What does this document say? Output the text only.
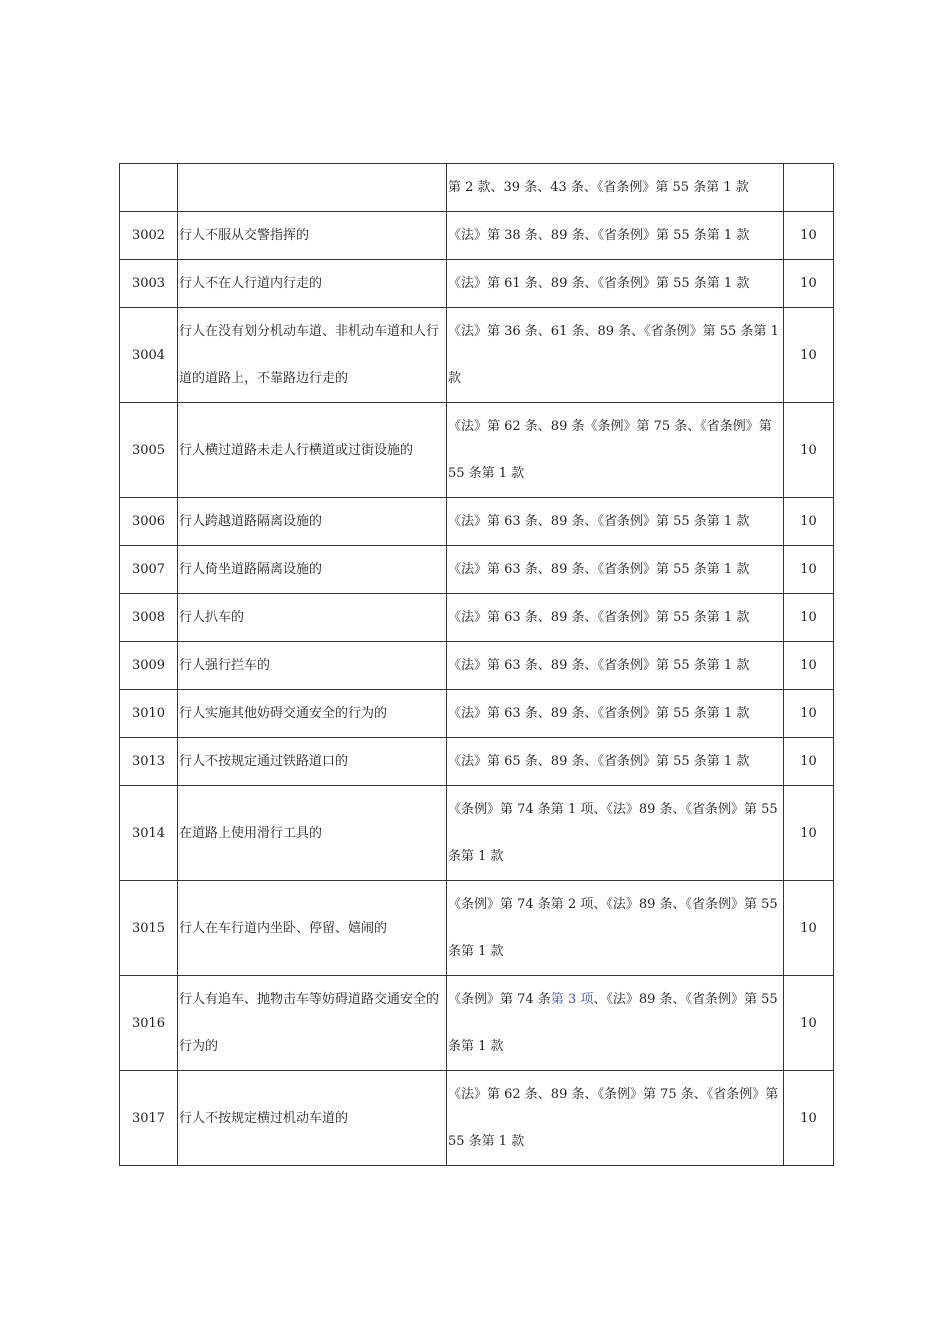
		第 2 款、39 条、43 条、《省条例》第 55 条第 1 款	
3002	行人不服从交警指挥的	《法》第 38 条、89 条、《省条例》第 55 条第 1 款	10
3003	行人不在人行道内行走的	《法》第 61 条、89 条、《省条例》第 55 条第 1 款	10
3004	行人在没有划分机动车道、非机动车道和人行道的道路上，不靠路边行走的	《法》第 36 条、61 条、89 条、《省条例》第 55 条第 1 款	10
3005	行人横过道路未走人行横道或过街设施的	《法》第 62 条、89 条《条例》第 75 条、《省条例》第 55 条第 1 款	10
3006	行人跨越道路隔离设施的	《法》第 63 条、89 条、《省条例》第 55 条第 1 款	10
3007	行人倚坐道路隔离设施的	《法》第 63 条、89 条、《省条例》第 55 条第 1 款	10
3008	行人扒车的	《法》第 63 条、89 条、《省条例》第 55 条第 1 款	10
3009	行人强行拦车的	《法》第 63 条、89 条、《省条例》第 55 条第 1 款	10
3010	行人实施其他妨碍交通安全的行为的	《法》第 63 条、89 条、《省条例》第 55 条第 1 款	10
3013	行人不按规定通过铁路道口的	《法》第 65 条、89 条、《省条例》第 55 条第 1 款	10
3014	在道路上使用滑行工具的	《条例》第 74 条第 1 项、《法》89 条、《省条例》第 55 条第 1 款	10
3015	行人在车行道内坐卧、停留、嬉闹的	《条例》第 74 条第 2 项、《法》89 条、《省条例》第 55 条第 1 款	10
3016	行人有追车、抛物击车等妨碍道路交通安全的行为的	《条例》第 74 条第 3 项、《法》89 条、《省条例》第 55 条第 1 款	10
3017	行人不按规定横过机动车道的	《法》第 62 条、89 条、《条例》第 75 条、《省条例》第 55 条第 1 款	10
